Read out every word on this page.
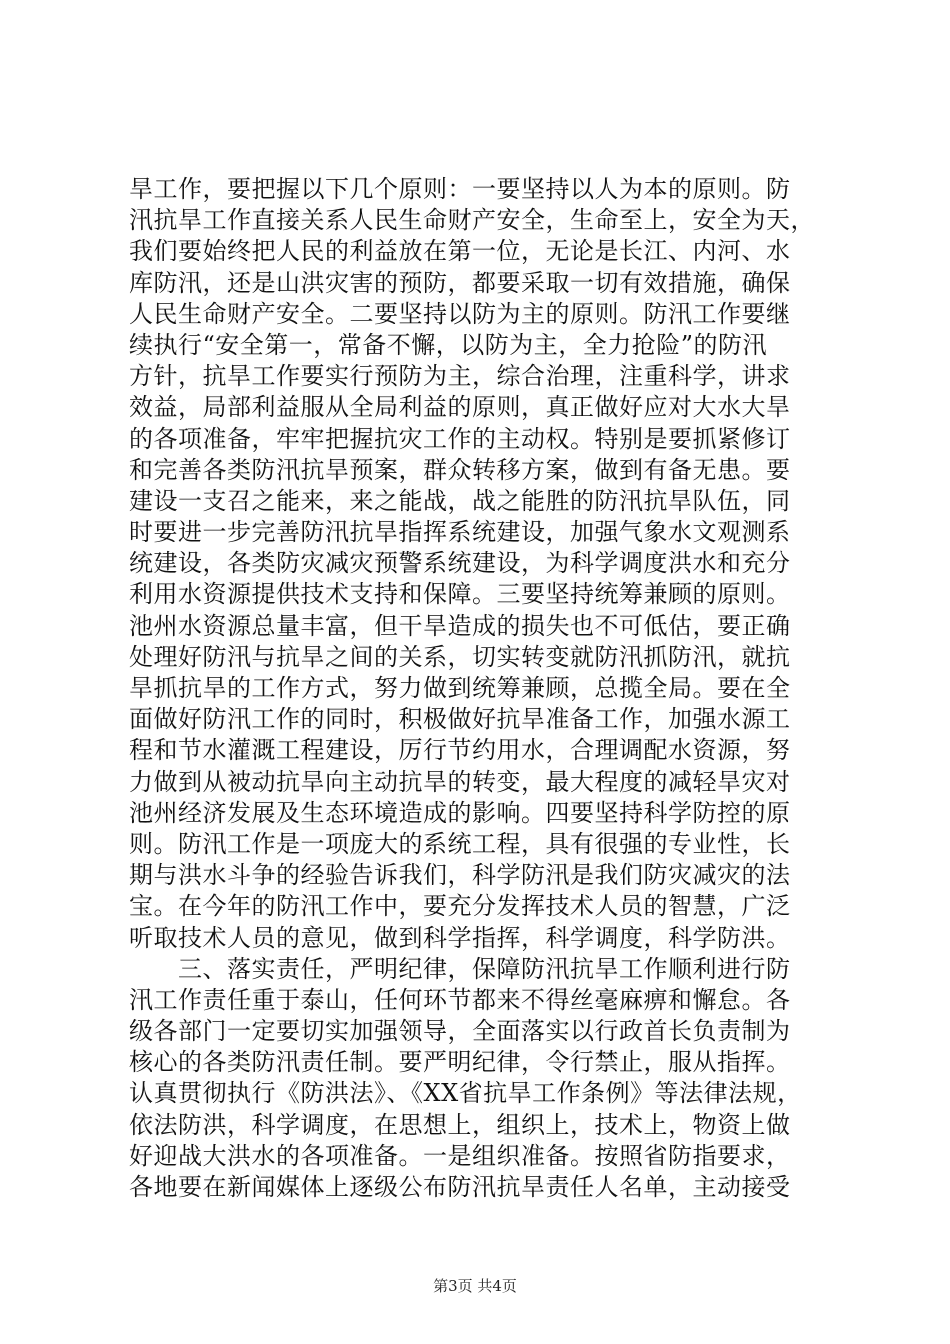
旱工作，要把握以下几个原则：一要坚持以人为本的原则。防
汛抗旱工作直接关系人民生命财产安全，生命至上，安全为天，
我们要始终把人民的利益放在第一位，无论是长江、内河、水
库防汛，还是山洪灾害的预防，都要采取一切有效措施，确保
人民生命财产安全。二要坚持以防为主的原则。防汛工作要继
续执行“安全第一，常备不懈，以防为主，全力抢险”的防汛
方针，抗旱工作要实行预防为主，综合治理，注重科学，讲求
效益，局部利益服从全局利益的原则，真正做好应对大水大旱
的各项准备，牢牢把握抗灾工作的主动权。特别是要抓紧修订
和完善各类防汛抗旱预案，群众转移方案，做到有备无患。要
建设一支召之能来，来之能战，战之能胜的防汛抗旱队伍，同
时要进一步完善防汛抗旱指挥系统建设，加强气象水文观测系
统建设，各类防灾减灾预警系统建设，为科学调度洪水和充分
利用水资源提供技术支持和保障。三要坚持统筹兼顾的原则。
池州水资源总量丰富，但干旱造成的损失也不可低估，要正确
处理好防汛与抗旱之间的关系，切实转变就防汛抓防汛，就抗
旱抓抗旱的工作方式，努力做到统筹兼顾，总揽全局。要在全
面做好防汛工作的同时，积极做好抗旱准备工作，加强水源工
程和节水灌溉工程建设，厉行节约用水，合理调配水资源，努
力做到从被动抗旱向主动抗旱的转变，最大程度的减轻旱灾对
池州经济发展及生态环境造成的影响。四要坚持科学防控的原
则。防汛工作是一项庞大的系统工程，具有很强的专业性，长
期与洪水斗争的经验告诉我们，科学防汛是我们防灾减灾的法
宝。在今年的防汛工作中，要充分发挥技术人员的智慧，广泛
听取技术人员的意见，做到科学指挥，科学调度，科学防洪。
　　三、落实责任，严明纪律，保障防汛抗旱工作顺利进行防
汛工作责任重于泰山，任何环节都来不得丝毫麻痹和懈怠。各
级各部门一定要切实加强领导，全面落实以行政首长负责制为
核心的各类防汛责任制。要严明纪律，令行禁止，服从指挥。
认真贯彻执行《防洪法》、《XX省抗旱工作条例》等法律法规，
依法防洪，科学调度，在思想上，组织上，技术上，物资上做
好迎战大洪水的各项准备。一是组织准备。按照省防指要求，
各地要在新闻媒体上逐级公布防汛抗旱责任人名单，主动接受
第3页 共4页
